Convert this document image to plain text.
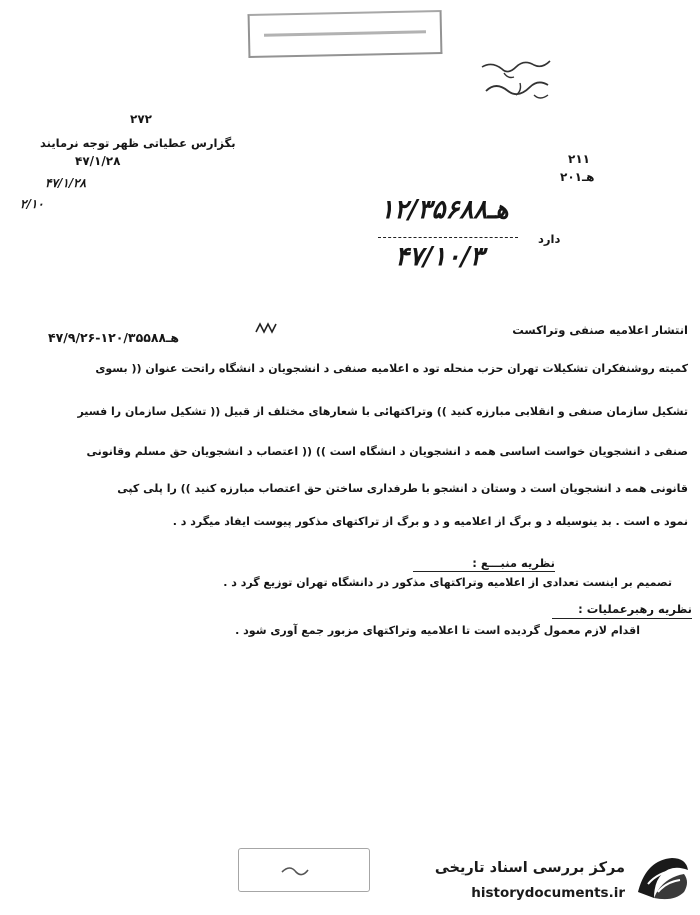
۲۷۲
بگزارس عطیاتی ظهر توجه نرمایند
۴۷/۱/۲۸
۴۷/۱/۲۸
۲/۱۰
۲۱۱
۲۰هـ۱
۱هـ۲/۳۵۶۸۸
۴۷/۱۰/۳
دارد
انتشار اعلامیه صنفی وتراکست
۴۷/۹/۲۶-۱هـ۲۰/۳۵۵۸۸
کمیته روشنفکران تشکیلات تهران حزب منحله تود ه اعلامیه صنفی د انشجویان د انشگاه راتحت عنوان (( بسوی
تشکیل سازمان صنفی و انقلابی مبارزه کنید )) وتراکتهائی با شعارهای مختلف از قبیل (( تشکیل سازمان را فسیر
صنفی د انشجویان خواست اساسی همه د انشجویان د انشگاه است )) (( اعتصاب د انشجویان حق مسلم وقانونی
قانونی همه د انشجویان است د وستان د انشجو با طرفداری ساختن حق اعتصاب مبارزه کنید )) را پلی کپی
نمود ه است . بد ینوسیله د و برگ از اعلامیه و د و برگ از تراکتهای مذکور پیوست ایفاد میگرد د .
نظریه منبـــع :
تصمیم بر اینست تعدادی از اعلامیه وتراکتهای مذکور در دانشگاه تهران توزیع گرد د .
نظریه رهبرعملیات :
اقدام لازم معمول گردیده است تا اعلامیه وتراکتهای مزبور جمع آوری شود .
مرکز بررسی اسناد تاریخی
historydocuments.ir
